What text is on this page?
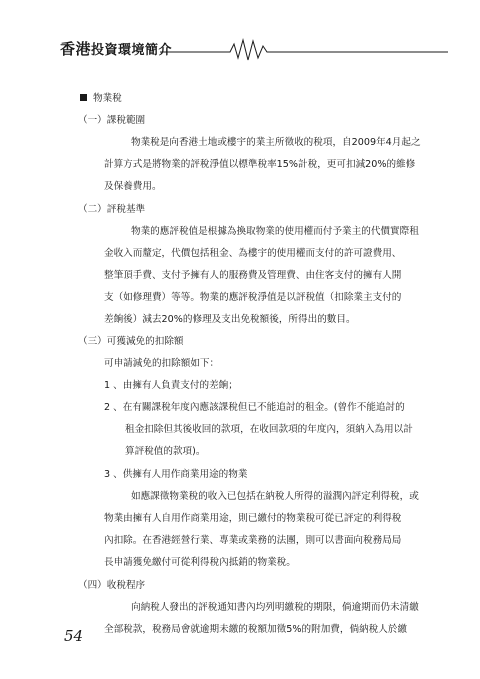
香港投資環境簡介
物業稅
（一）課稅範圍
物業稅是向香港土地或樓宇的業主所徵收的稅項，自2009年4月起之
計算方式是將物業的評稅淨值以標準稅率15%計稅，更可扣減20%的維修
及保養費用。
（二）評稅基準
物業的應評稅值是根據為換取物業的使用權而付予業主的代價實際租
金收入而釐定，代價包括租金、為樓宇的使用權而支付的許可證費用、
整筆頂手費、支付予擁有人的服務費及管理費、由住客支付的擁有人開
支（如修理費）等等。物業的應評稅淨值是以評稅值（扣除業主支付的
差餉後）減去20%的修理及支出免稅額後，所得出的數目。
（三）可獲減免的扣除額
可申請減免的扣除額如下：
1 、由擁有人負責支付的差餉；
2 、在有關課稅年度內應該課稅但已不能追討的租金。(曾作不能追討的
租金扣除但其後收回的款項，在收回款項的年度內，須納入為用以計
算評稅值的款項)。
3 、供擁有人用作商業用途的物業
如應課徵物業稅的收入已包括在納稅人所得的溢潤內評定利得稅，或
物業由擁有人自用作商業用途，則已繳付的物業稅可從已評定的利得稅
內扣除。在香港經營行業、專業或業務的法團，則可以書面向稅務局局
長申請獲免繳付可從利得稅內抵銷的物業稅。
（四）收稅程序
向納稅人發出的評稅通知書內均列明繳稅的期限，倘逾期而仍未清繳
全部稅款，稅務局會就逾期未繳的稅額加徵5%的附加費，倘納稅人於繳
54
